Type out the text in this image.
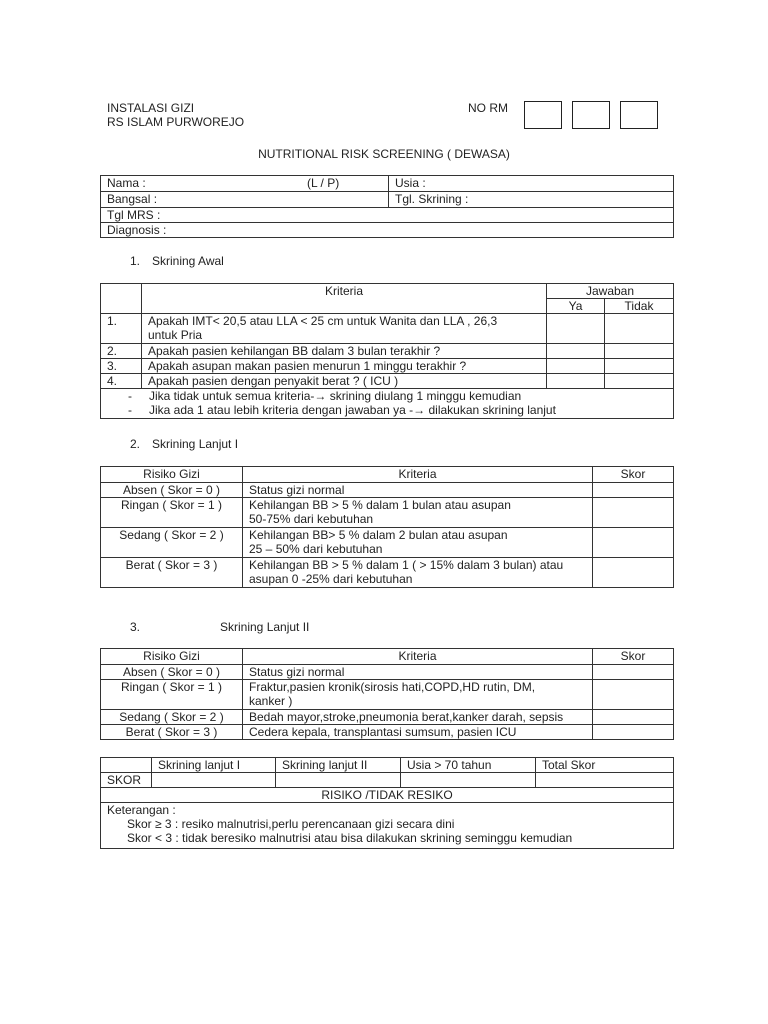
INSTALASI GIZI
RS ISLAM PURWOREJO
NO RM
NUTRITIONAL RISK SCREENING ( DEWASA)
Nama : (L / P)	Usia :
Bangsal :	Tgl. Skrining :
Tgl MRS :	
Diagnosis :	
1. Skrining Awal
	Kriteria	Jawaban	
		Ya	Tidak
1.	Apakah IMT< 20,5 atau LLA < 25 cm untuk Wanita dan LLA , 26,3
untuk Pria		

2.	Apakah pasien kehilangan BB dalam 3 bulan terakhir ?		
3.	Apakah asupan makan pasien menurun 1 minggu terakhir ?		
4.	Apakah pasien dengan penyakit berat ? ( ICU )		

- Jika tidak untuk semua kriteria-→ skrining diulang 1 minggu kemudian
- Jika ada 1 atau lebih kriteria dengan jawaban ya -→ dilakukan skrining lanjut			
2. Skrining Lanjut I
Risiko Gizi	Kriteria	Skor
Absen ( Skor = 0 )	Status gizi normal	
Ringan ( Skor = 1 )	Kehilangan BB > 5 % dalam 1 bulan atau asupan
50-75% dari kebutuhan	

Sedang ( Skor = 2 )	Kehilangan BB> 5 % dalam 2 bulan atau asupan
25 – 50% dari kebutuhan	

Berat ( Skor = 3 )	Kehilangan BB > 5 % dalam 1 ( > 15% dalam 3 bulan) atau
asupan 0 -25% dari kebutuhan	

3.	Skrining Lanjut II
Risiko Gizi	Kriteria	Skor
Absen ( Skor = 0 )	Status gizi normal	
Ringan ( Skor = 1 )	Fraktur,pasien kronik(sirosis hati,COPD,HD rutin, DM,
kanker )	

Sedang ( Skor = 2 )	Bedah mayor,stroke,pneumonia berat,kanker darah, sepsis	
Berat ( Skor = 3 )	Cedera kepala, transplantasi sumsum, pasien ICU	
	Skrining lanjut I	Skrining lanjut II	Usia > 70 tahun	Total Skor
SKOR				
RISIKO /TIDAK RESIKO				

Keterangan :
Skor ≥ 3 : resiko malnutrisi,perlu perencanaan gizi secara dini
Skor < 3 : tidak beresiko malnutrisi atau bisa dilakukan skrining seminggu kemudian				
